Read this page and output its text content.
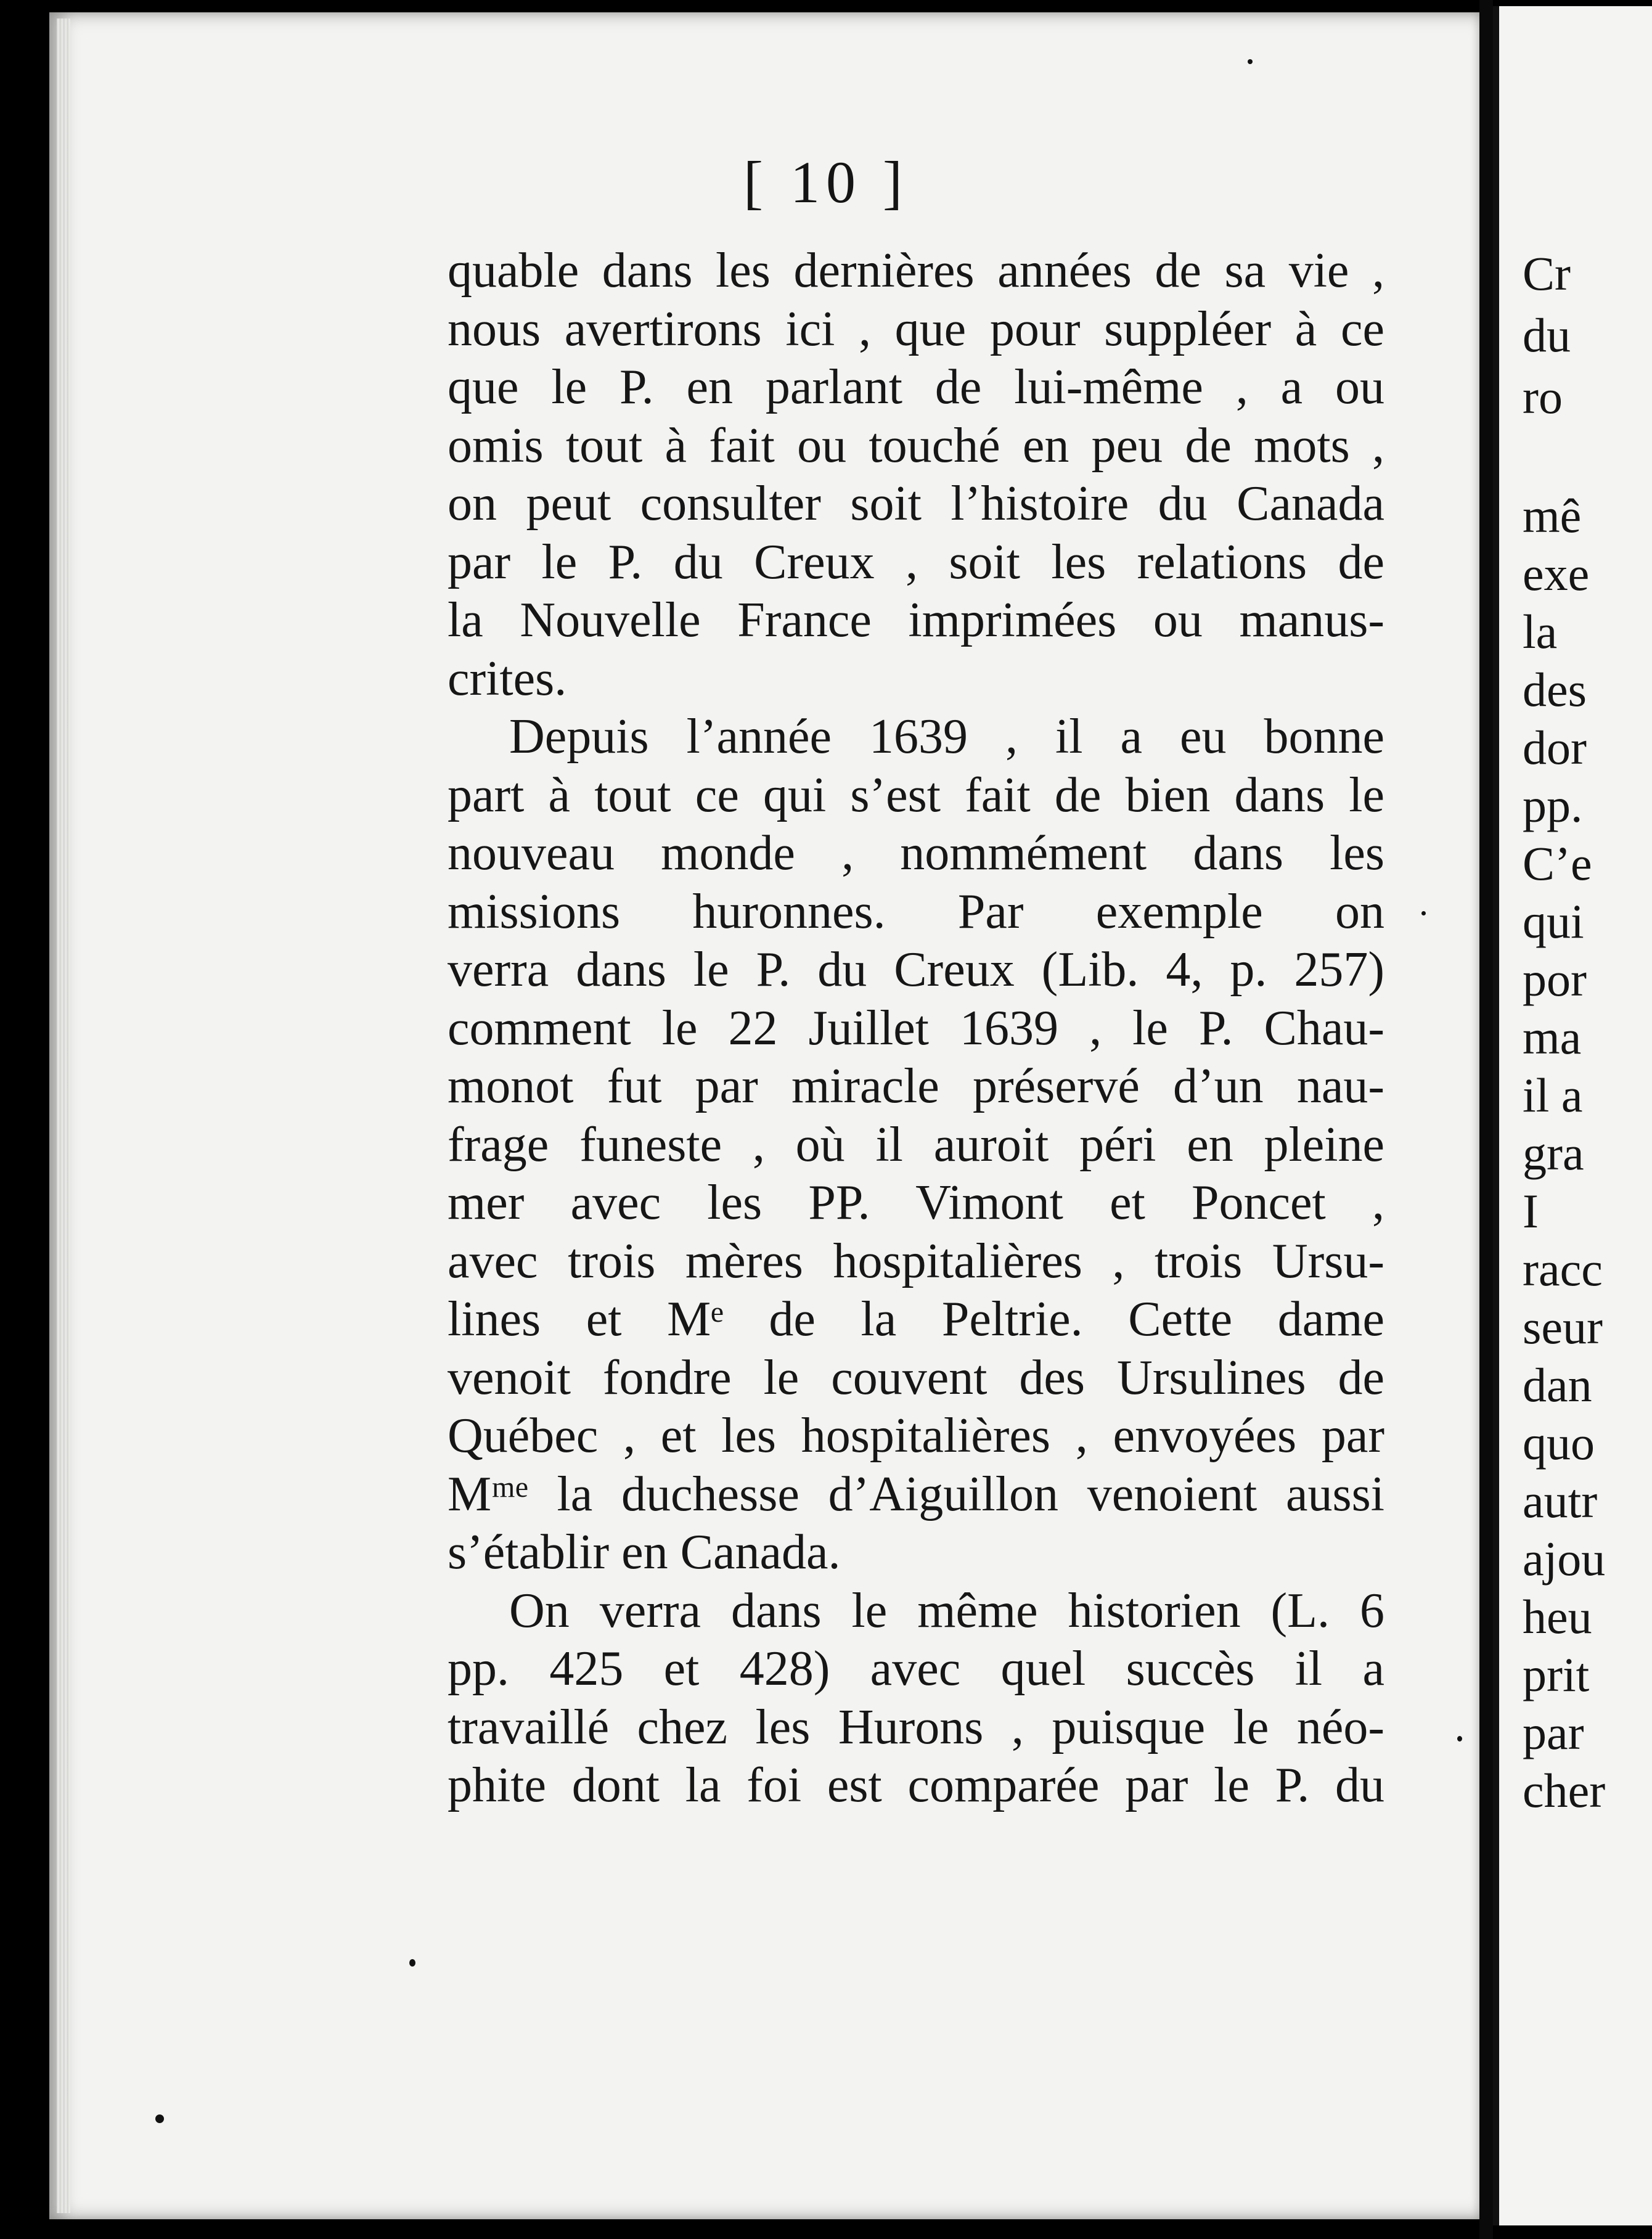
Cr
du
ro
mê
exe
la
des
dor
pp.
C’e
qui
por
ma
il a
gra
I
racc
seur
dan
quo
autr
ajou
heu
prit
par
cher
[ 10 ]
quable dans les dernières années de sa vie ,
nous avertirons ici , que pour suppléer à ce
que le P. en parlant de lui-même , a ou
omis tout à fait ou touché en peu de mots ,
on peut consulter soit l’histoire du Canada
par le P. du Creux , soit les relations de
la Nouvelle France imprimées ou manus-
crites.
Depuis l’année 1639 , il a eu bonne
part à tout ce qui s’est fait de bien dans le
nouveau monde , nommément dans les
missions huronnes. Par exemple on
verra dans le P. du Creux (Lib. 4, p. 257)
comment le 22 Juillet 1639 , le P. Chau-
monot fut par miracle préservé d’un nau-
frage funeste , où il auroit péri en pleine
mer avec les PP. Vimont et Poncet ,
avec trois mères hospitalières , trois Ursu-
lines et Mᵉ de la Peltrie. Cette dame
venoit fondre le couvent des Ursulines de
Québec , et les hospitalières , envoyées par
Mᵐᵉ la duchesse d’Aiguillon venoient aussi
s’établir en Canada.
On verra dans le même historien (L. 6
pp. 425 et 428) avec quel succès il a
travaillé chez les Hurons , puisque le néo-
phite dont la foi est comparée par le P. du
